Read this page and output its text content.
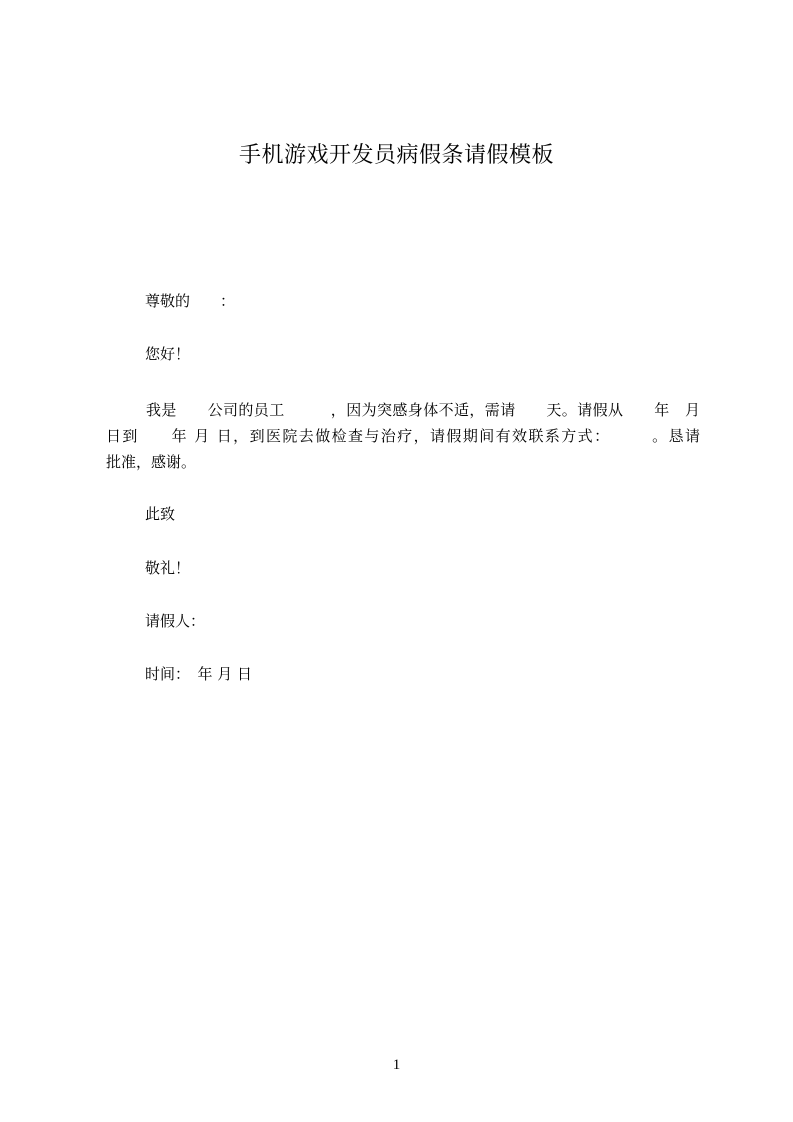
手机游戏开发员病假条请假模板
尊敬的　　：
您好！
我是　　公司的员工　　　，因为突感身体不适，需请　　天。请假从　　年　月
日到　　年 月 日，到医院去做检查与治疗，请假期间有效联系方式：　　　。恳请
批准，感谢。
此致
敬礼！
请假人：
时间：　年 月 日
1
